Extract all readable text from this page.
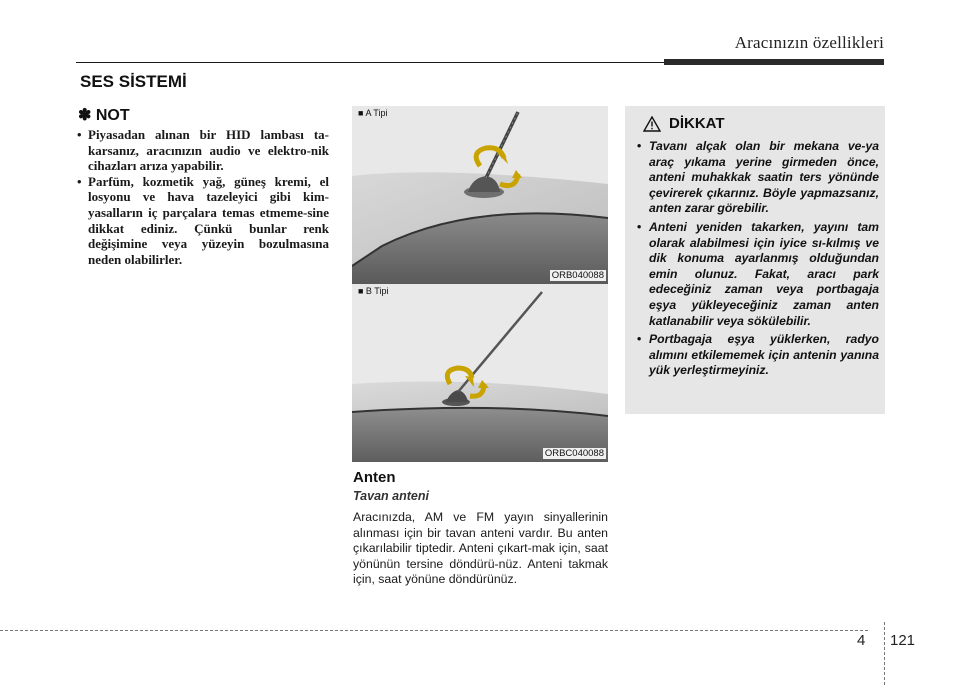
Aracınızın özellikleri
SES SİSTEMİ
✽ NOT
• Piyasadan alınan bir HID lambası ta-karsanız, aracınızın audio ve elektro-nik cihazları arıza yapabilir.
• Parfüm, kozmetik yağ, güneş kremi, el losyonu ve hava tazeleyici gibi kim-yasalların iç parçalara temas etmeme-sine dikkat ediniz. Çünkü bunlar renk değişimine veya yüzeyin bozulmasına neden olabilirler.
■ A Tipi
ORB040088
■ B Tipi
ORBC040088
Anten
Tavan anteni
Aracınızda, AM ve FM yayın sinyallerinin alınması için bir tavan anteni vardır. Bu anten çıkarılabilir tiptedir. Anteni çıkart-mak için, saat yönünün tersine döndürü-nüz. Anteni takmak için, saat yönüne döndürünüz.
DİKKAT
• Tavanı alçak olan bir mekana ve-ya araç yıkama yerine girmeden önce, anteni muhakkak saatin ters yönünde çevirerek çıkarınız. Böyle yapmazsanız, anten zarar görebilir.
• Anteni yeniden takarken, yayını tam olarak alabilmesi için iyice sı-kılmış ve dik konuma ayarlanmış olduğundan emin olunuz. Fakat, aracı park edeceğiniz zaman veya portbagaja eşya yükleyeceğiniz zaman anten katlanabilir veya sökülebilir.
• Portbagaja eşya yüklerken, radyo alımını etkilememek için antenin yanına yük yerleştirmeyiniz.
4 121
